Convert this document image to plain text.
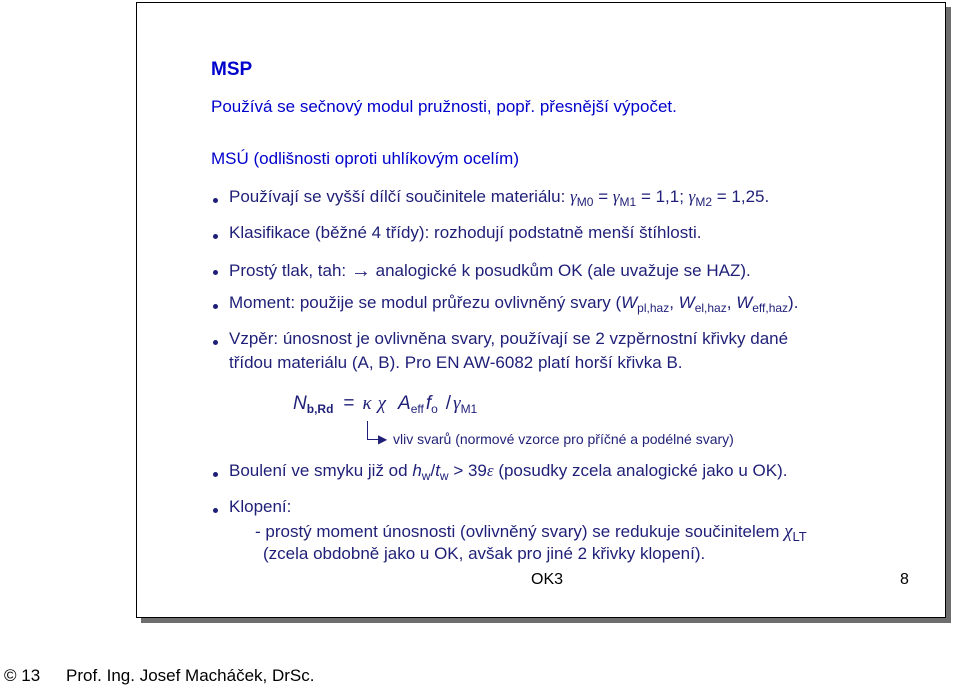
MSP
Používá se sečnový modul pružnosti, popř. přesnější výpočet.
MSÚ (odlišnosti oproti uhlíkovým ocelím)
Používají se vyšší dílčí součinitele materiálu: $\gamma_{M0} = \gamma_{M1} = 1,1$; $\gamma_{M2} = 1,25$.
Klasifikace (běžné 4 třídy): rozhodují podstatně menší štíhlosti.
Prostý tlak, tah: → analogické k posudkům OK (ale uvažuje se HAZ).
Moment: použije se modul průřezu ovlivněný svary ($W_{pl,haz}$, $W_{el,haz}$, $W_{eff,haz}$).
Vzpěr: únosnost je ovlivněna svary, používají se 2 vzpěrnostní křivky dané
třídou materiálu (A, B). Pro EN AW-6082 platí horší křivka B.
$N_{b,Rd} = \kappa$ χ $A_{eff}$ $f_o / \gamma_{M1}$
▶ vliv svarů (normové vzorce pro příčné a podélné svary)
Boulení ve smyku již od $h_w/t_w > 39\varepsilon$ (posudky zcela analogické jako u OK).
Klopení:
- prostý moment únosnosti (ovlivněný svary) se redukuje součinitelem $\chi_{LT}$
(zcela obdobně jako u OK, avšak pro jiné 2 křivky klopení).
OK3	8
© 13 Prof. Ing. Josef Macháček, DrSc.
